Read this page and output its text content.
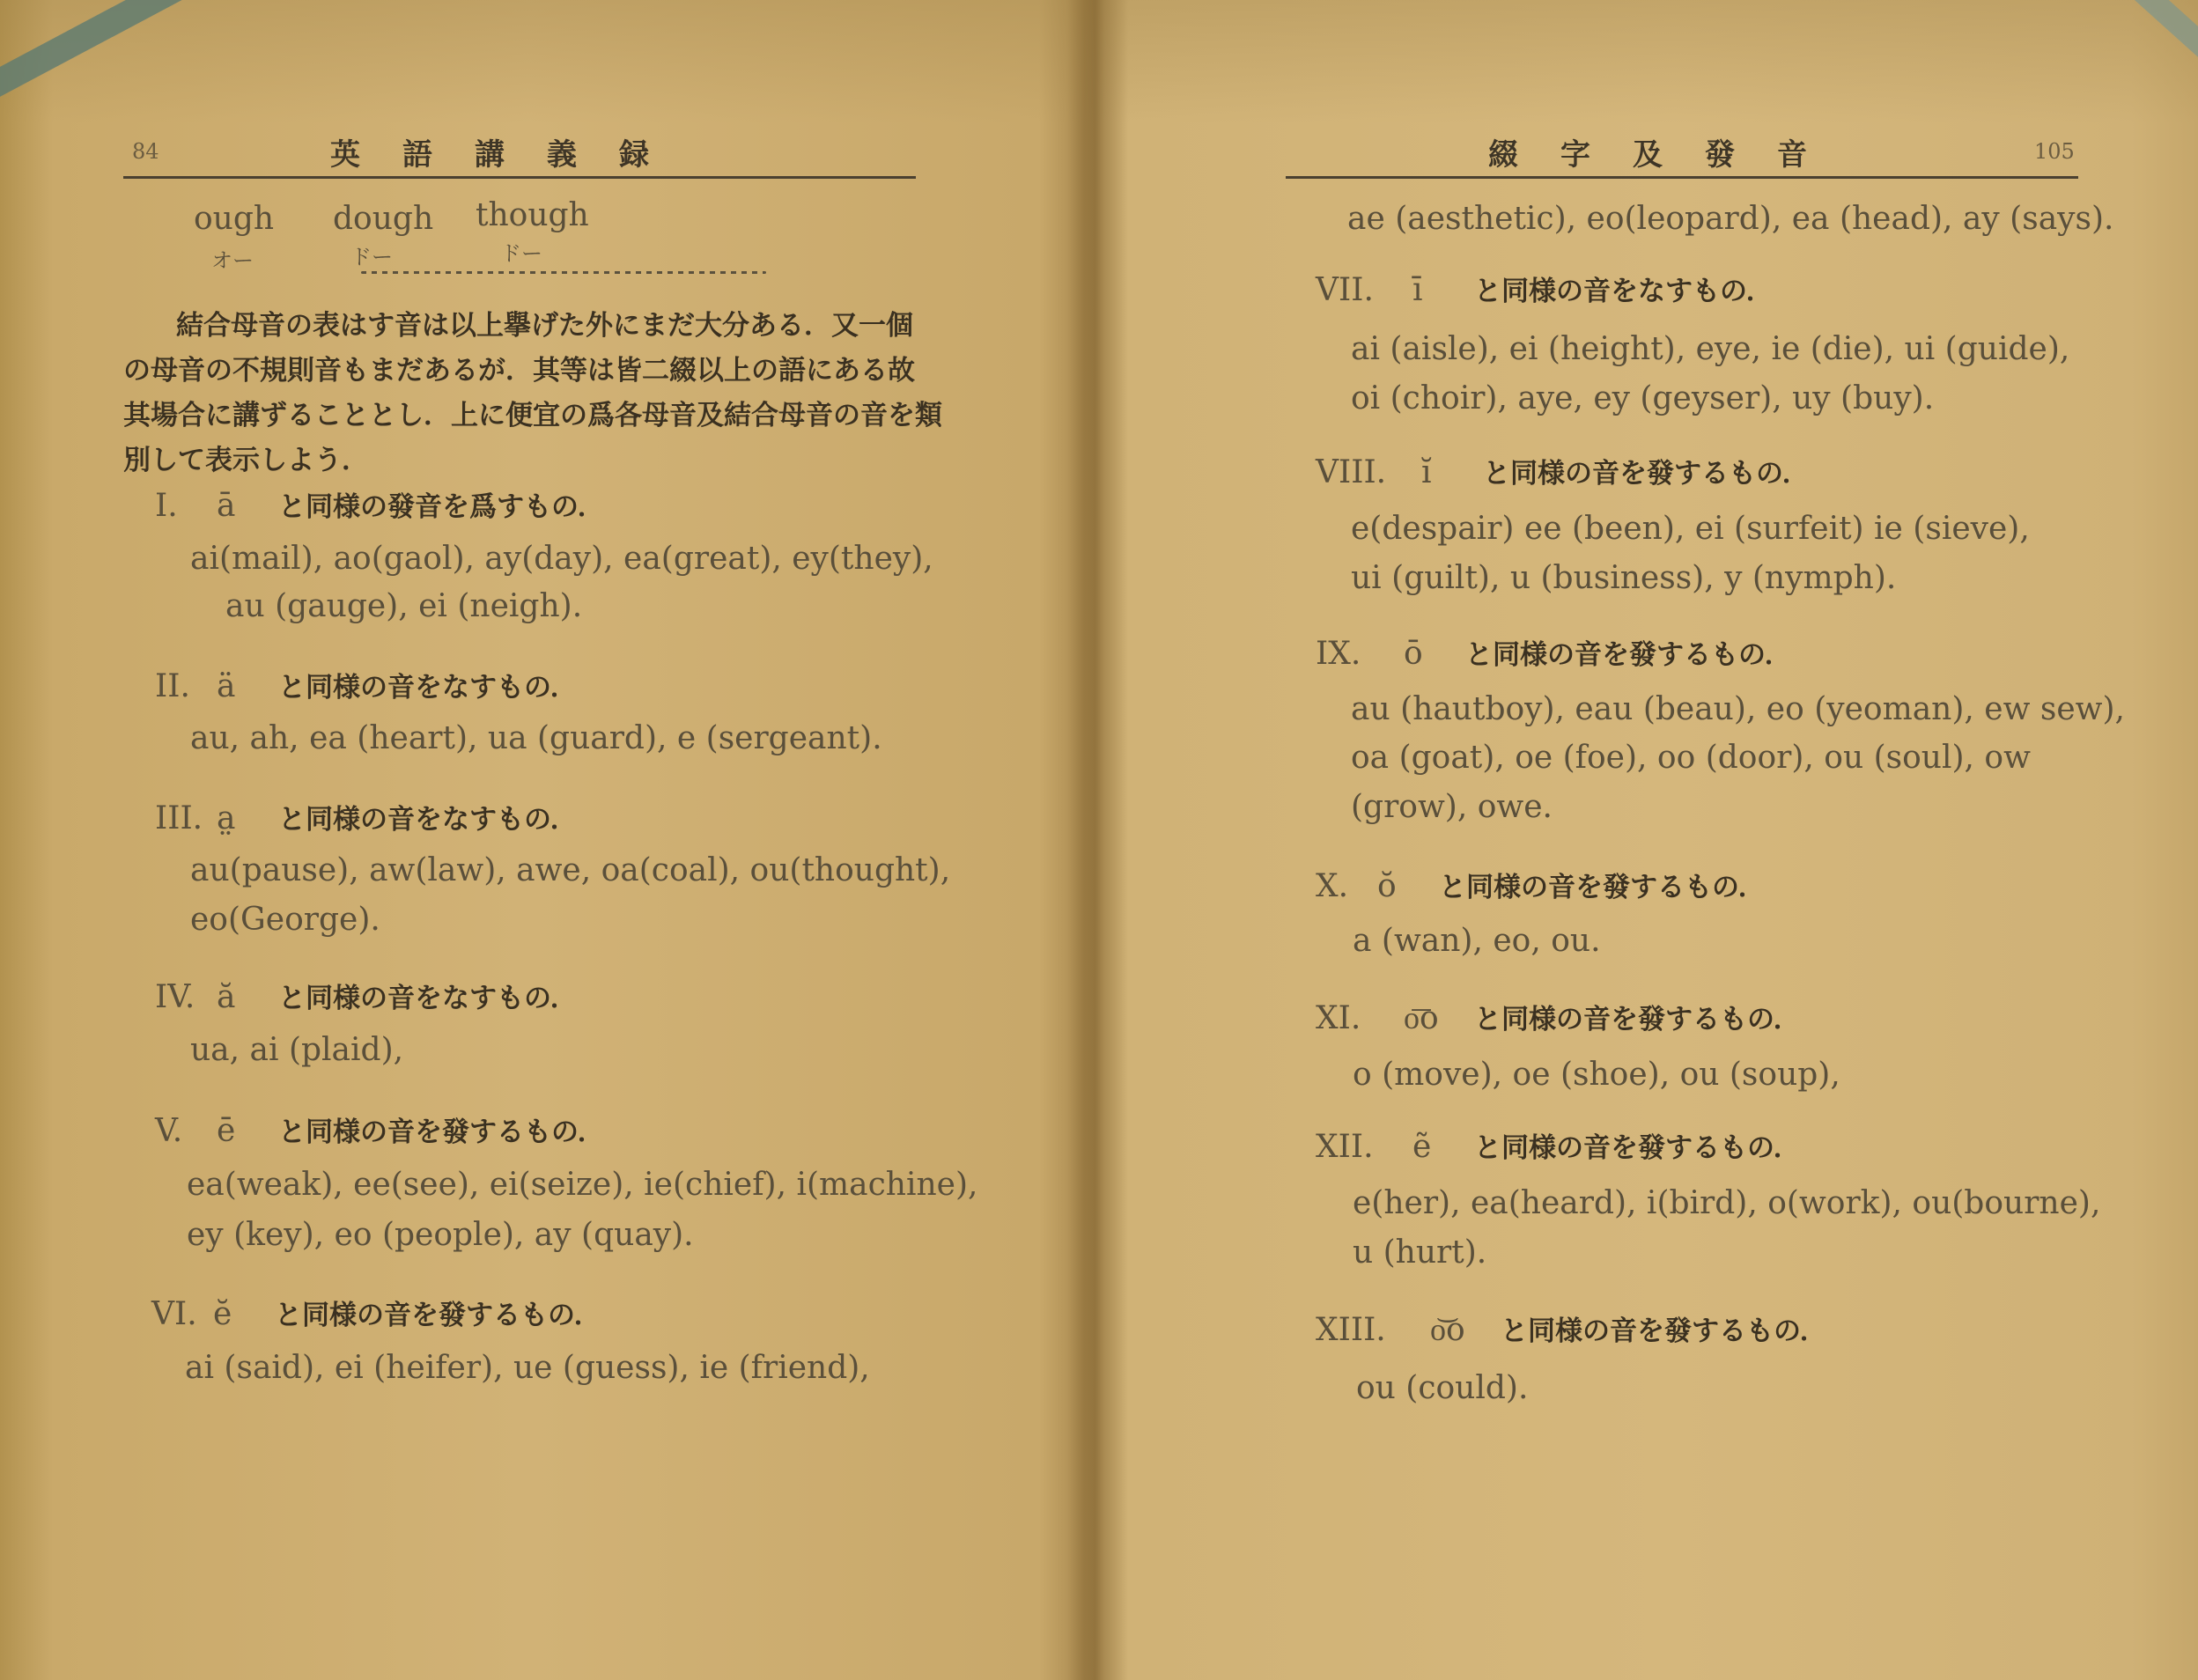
84	英語講義録
ough dough though
オー	ドー	ドー
結合母音の表はす音は以上擧げた外にまだ大分ある．又一個
の母音の不規則音もまだあるが．其等は皆二綴以上の語にある故
其場合に講ずることとし．上に便宜の爲各母音及結合母音の音を類
別して表示しよう．
I. ā と同様の發音を爲すもの．
ai(mail), ao(gaol), ay(day), ea(great), ey(they),
au (gauge), ei (neigh).
II. ä と同様の音をなすもの．
au, ah, ea (heart), ua (guard), e (sergeant).
III. a̤ と同様の音をなすもの．
au(pause), aw(law), awe, oa(coal), ou(thought),
eo(George).
IV. ă と同様の音をなすもの．
ua, ai (plaid),
V. ē と同様の音を發するもの．
ea(weak), ee(see), ei(seize), ie(chief), i(machine),
ey (key), eo (people), ay (quay).
VI. ĕ と同様の音を發するもの．
ai (said), ei (heifer), ue (guess), ie (friend),
綴字及發音	105
ae (aesthetic), eo(leopard), ea (head), ay (says).
VII. ī と同様の音をなすもの．
ai (aisle), ei (height), eye, ie (die), ui (guide),
oi (choir), aye, ey (geyser), uy (buy).
VIII. ĭ と同様の音を發するもの．
e(despair) ee (been), ei (surfeit) ie (sieve),
ui (guilt), u (business), y (nymph).
IX. ō と同様の音を發するもの．
au (hautboy), eau (beau), eo (yeoman), ew sew),
oa (goat), oe (foe), oo (door), ou (soul), ow
(grow), owe.
X. ŏ と同様の音を發するもの．
a (wan), eo, ou.
XI. o͞o と同様の音を發するもの．
o (move), oe (shoe), ou (soup),
XII. ẽ と同様の音を發するもの．
e(her), ea(heard), i(bird), o(work), ou(bourne),
u (hurt).
XIII. o͝o と同様の音を發するもの．
ou (could).
